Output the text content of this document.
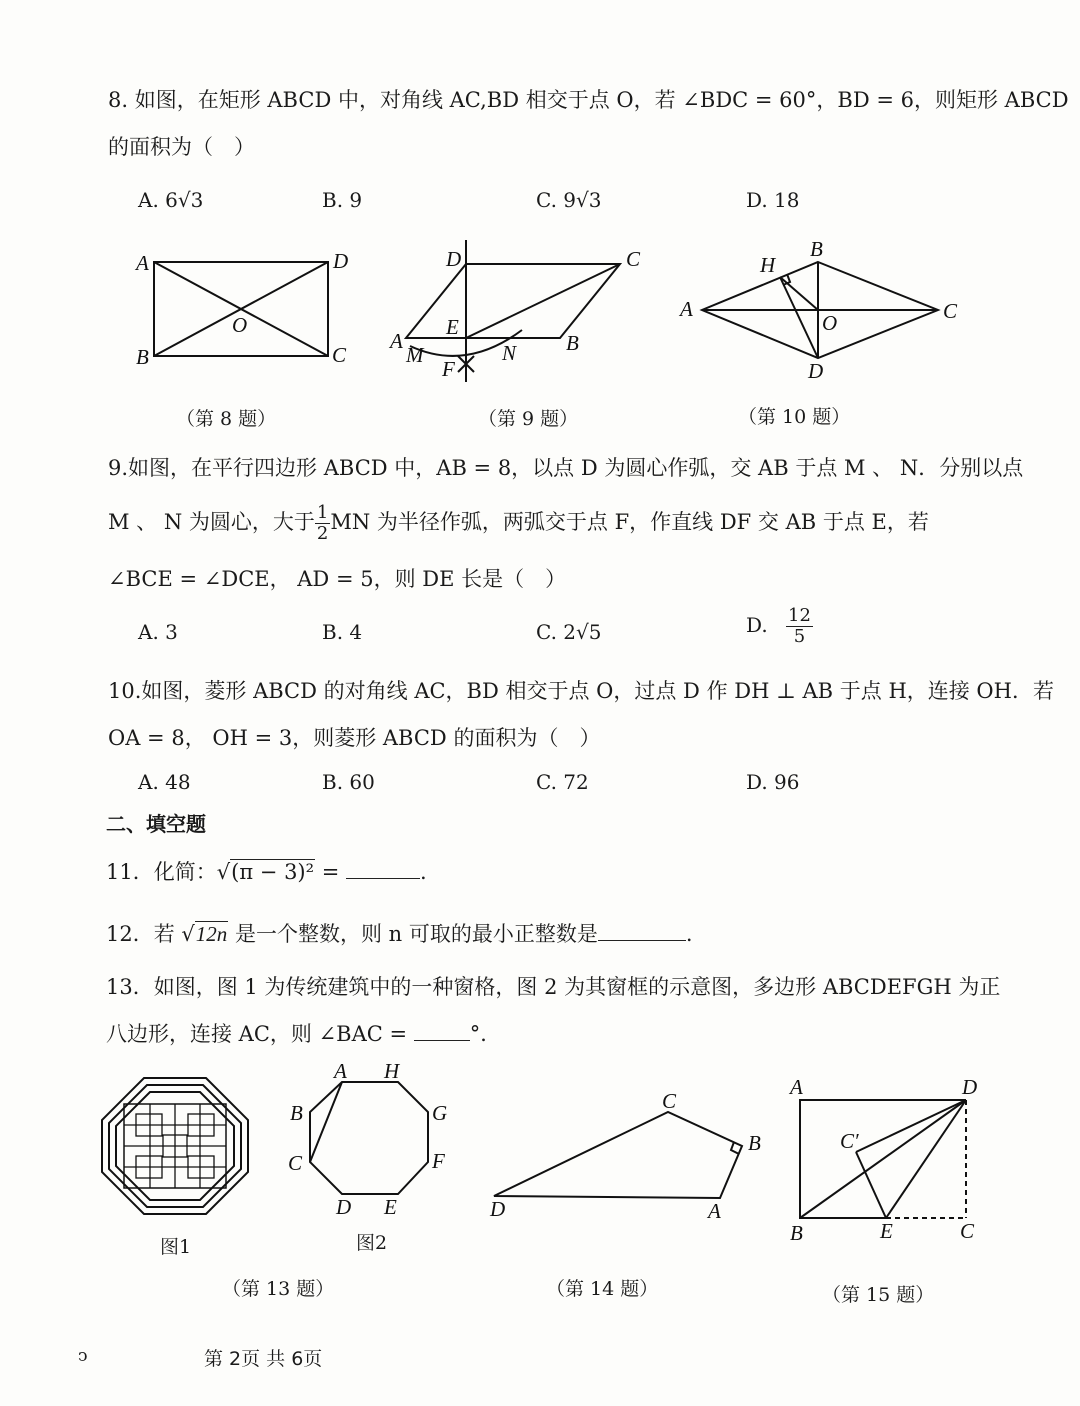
8. 如图，在矩形 ABCD 中，对角线 AC,BD 相交于点 O，若 ∠BDC = 60°，BD = 6，则矩形 ABCD
的面积为（　）
A. 6√3	B. 9	C. 9√3	D. 18
A	D
B	C
O
（第 8 题）
D	C
A
E
B
M	N
F
（第 9 题）
B
H
A	C
O
D
（第 10 题）
9.如图，在平行四边形 ABCD 中，AB = 8，以点 D 为圆心作弧，交 AB 于点 M 、 N．分别以点
M 、 N 为圆心，大于 $\frac{1}{2}$ MN 为半径作弧，两弧交于点 F，作直线 DF 交 AB 于点 E，若
∠BCE = ∠DCE， AD = 5，则 DE 长是（　）
A. 3	B. 4	C. 2√5	D. $\frac{12}{5}$
10.如图，菱形 ABCD 的对角线 AC，BD 相交于点 O，过点 D 作 DH ⊥ AB 于点 H，连接 OH．若
OA = 8， OH = 3，则菱形 ABCD 的面积为（　）
A. 48	B. 60	C. 72	D. 96
二、填空题
11．化简：√(π − 3)² =	.
12．若 √12n 是一个整数，则 n 可取的最小正整数是	.
13．如图，图 1 为传统建筑中的一种窗格，图 2 为其窗框的示意图，多边形 ABCDEFGH 为正
八边形，连接 AC，则 ∠BAC =	°．
图1
A H
B	G
C	F
D E
图2
（第 13 题）
C
B
D	A
（第 14 题）
A	D
C′
B	E	C
（第 15 题）
ↄ	第 2页 共 6页
